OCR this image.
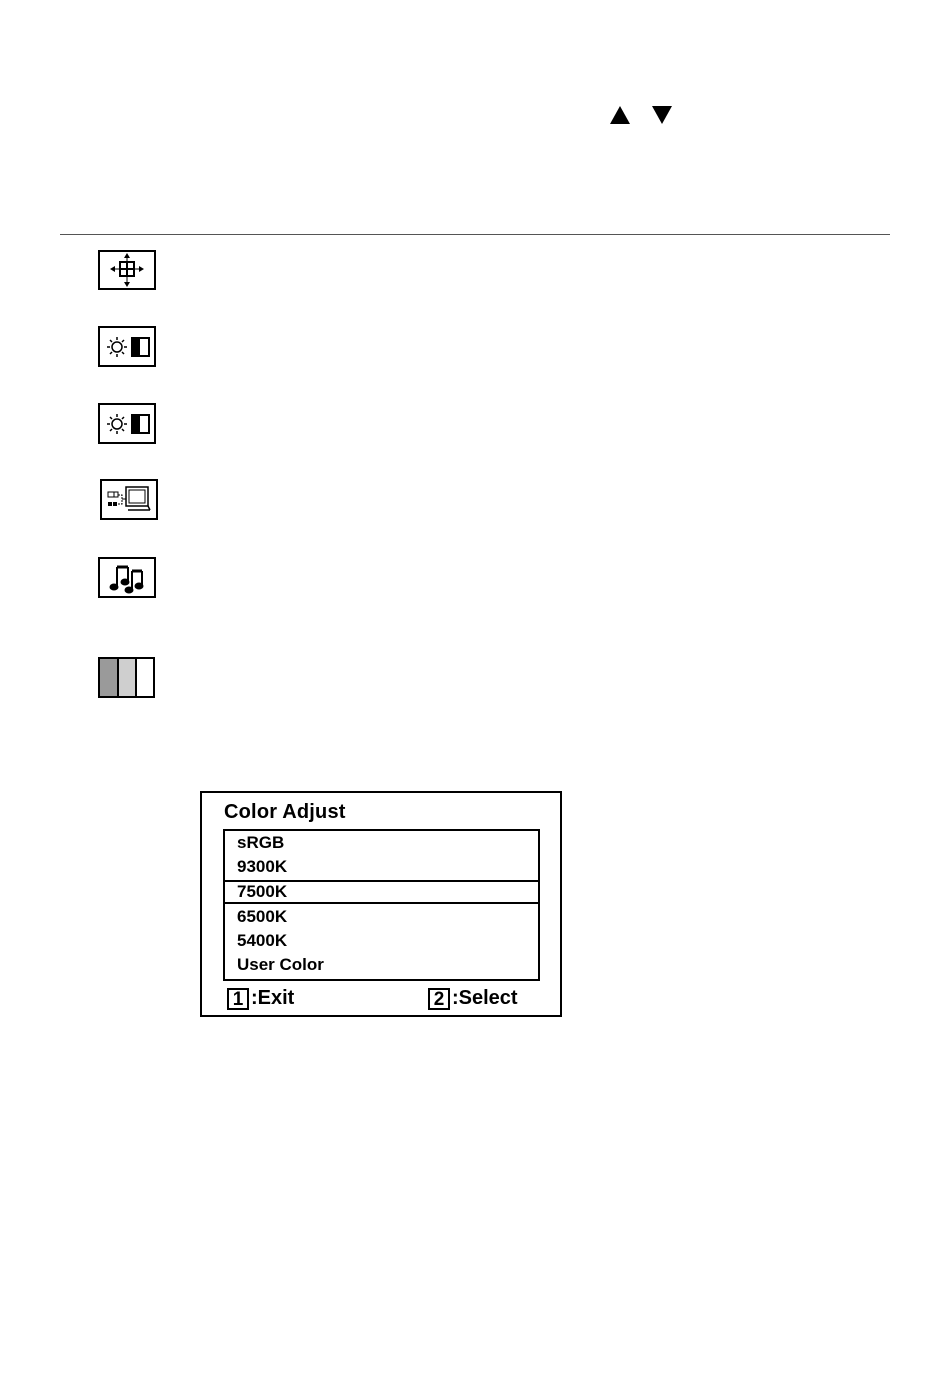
Color Adjust
sRGB
9300K
7500K
6500K
5400K
User Color
1 :Exit	2 :Select
